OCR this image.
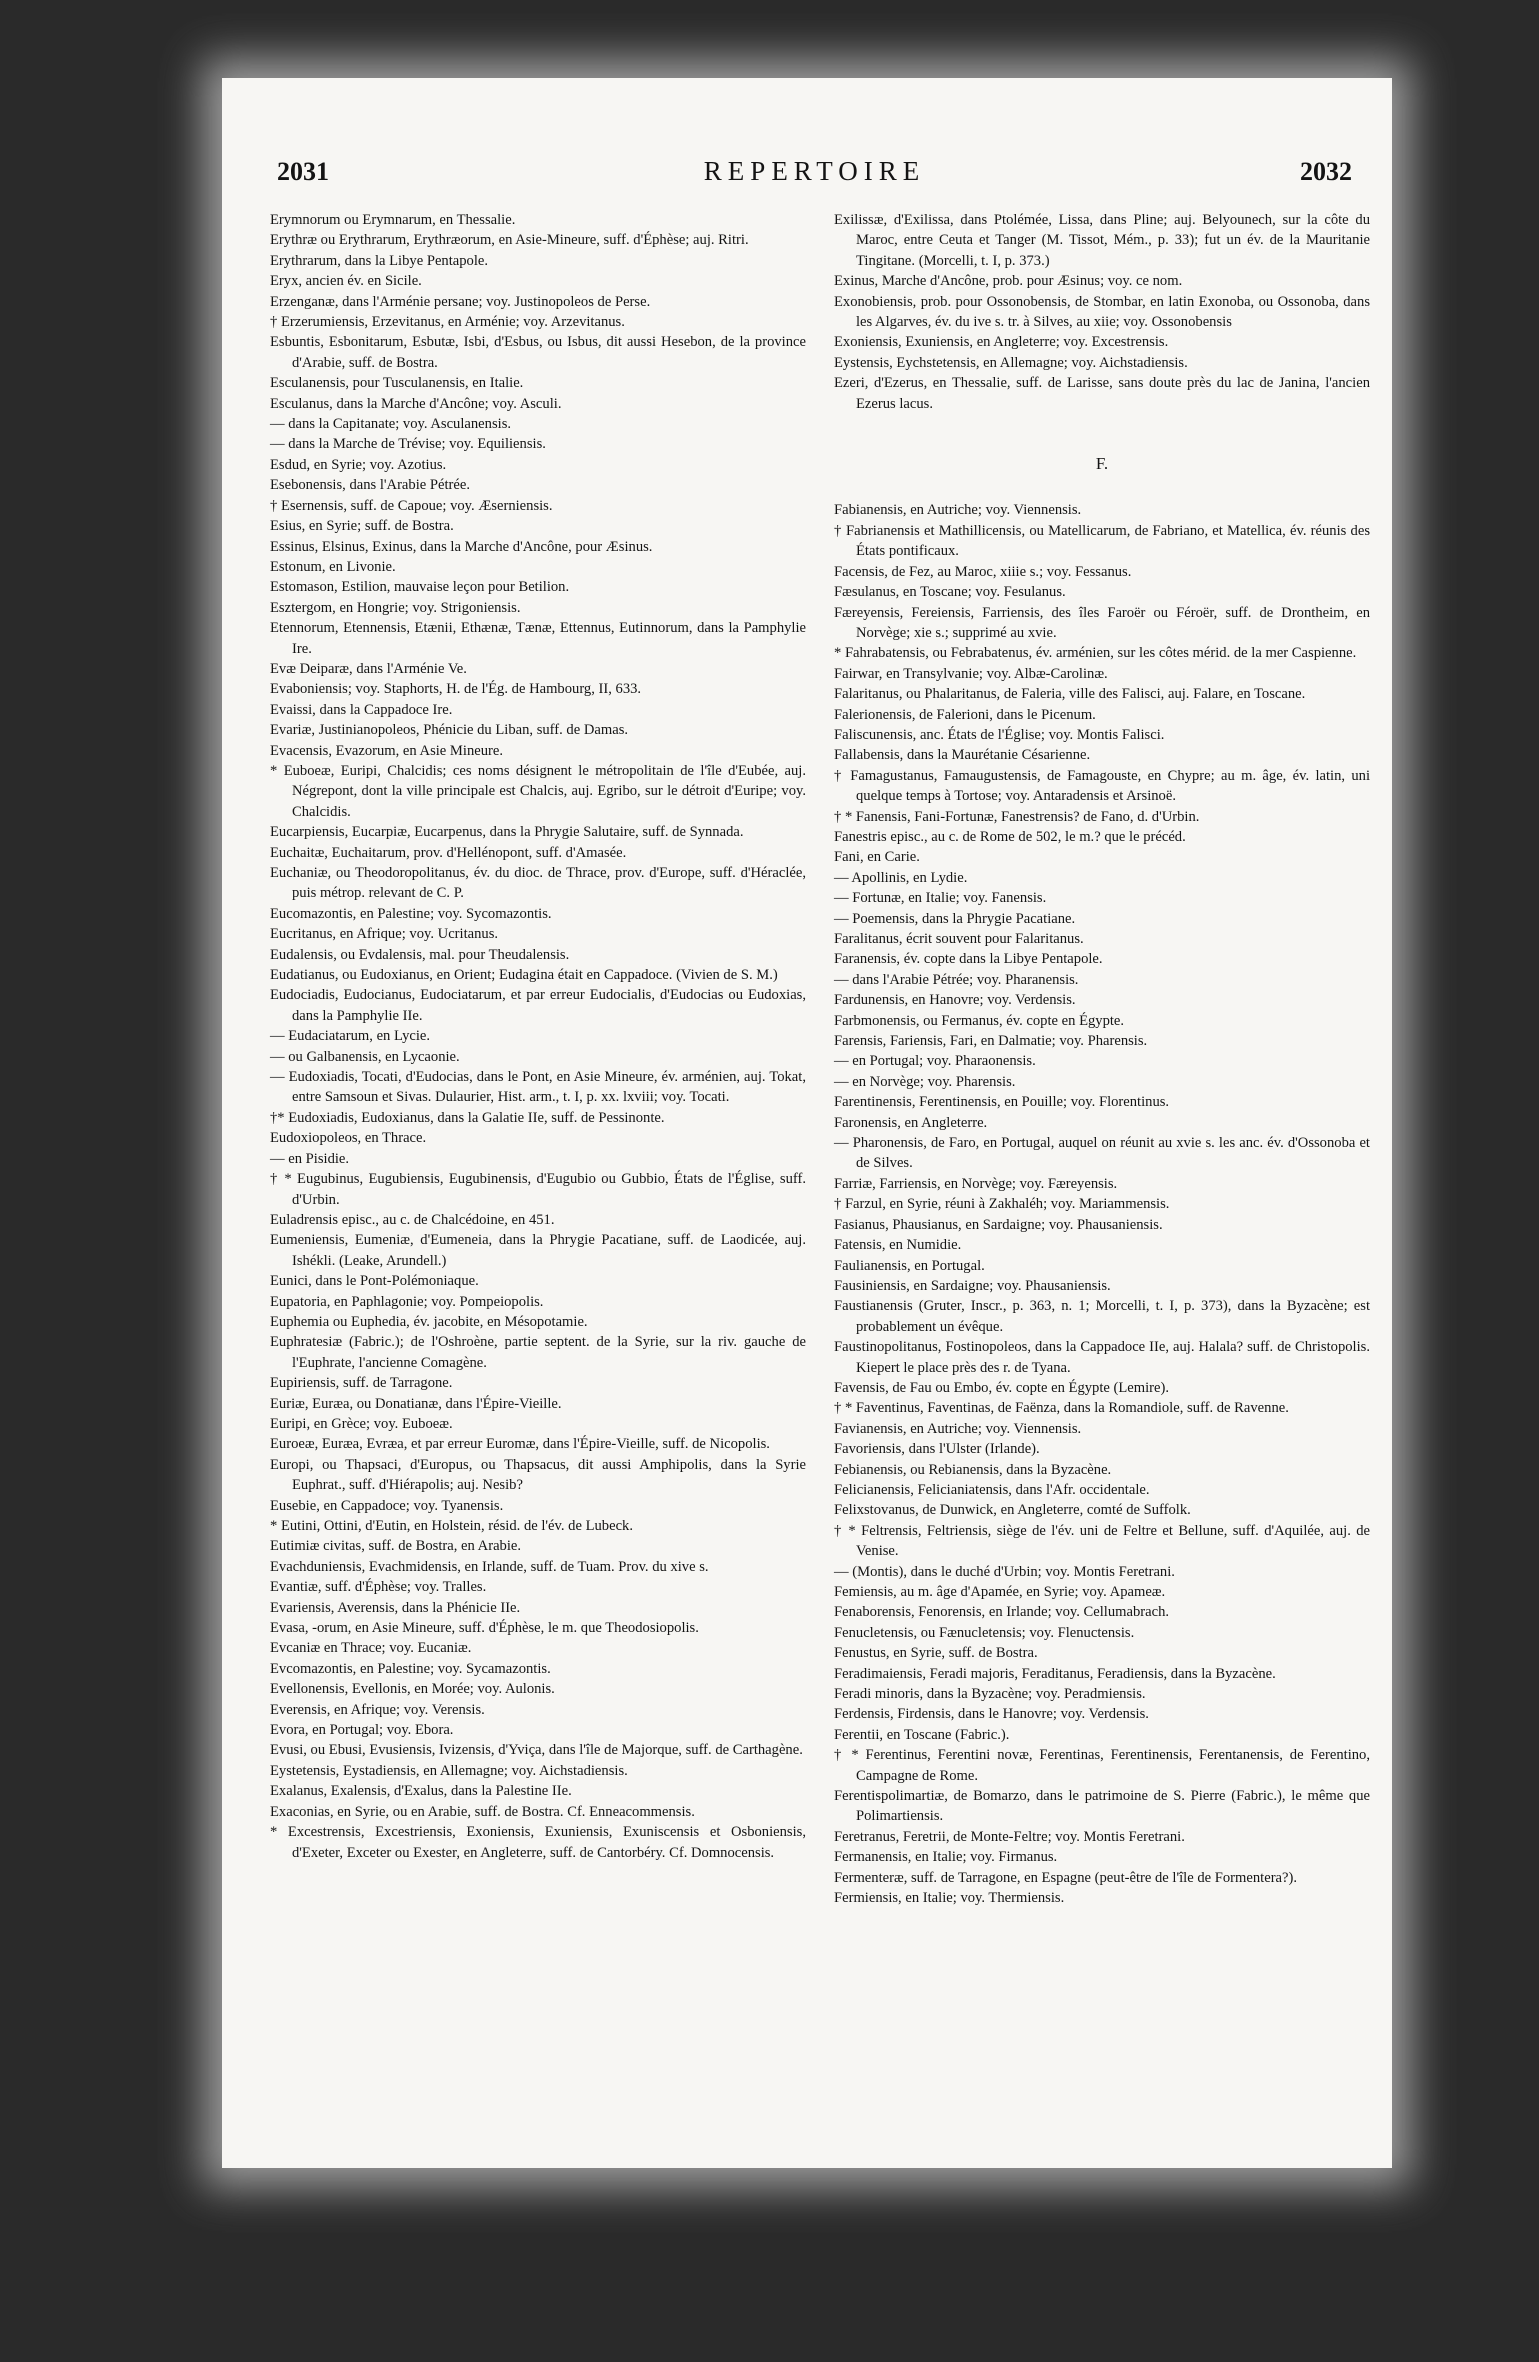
2031	REPERTOIRE	2032

Erymnorum ou Erymnarum, en Thessalie.

Erythræ ou Erythrarum, Erythræorum, en Asie-Mineure, suff. d'Éphèse; auj. Ritri.

Erythrarum, dans la Libye Pentapole.

Eryx, ancien év. en Sicile.

Erzenganæ, dans l'Arménie persane; voy. Justinopoleos de Perse.

† Erzerumiensis, Erzevitanus, en Arménie; voy. Arzevitanus.

Esbuntis, Esbonitarum, Esbutæ, Isbi, d'Esbus, ou Isbus, dit aussi Hesebon, de la province d'Arabie, suff. de Bostra.

Esculanensis, pour Tusculanensis, en Italie.

Esculanus, dans la Marche d'Ancône; voy. Asculi.

— dans la Capitanate; voy. Asculanensis.

— dans la Marche de Trévise; voy. Equiliensis.

Esdud, en Syrie; voy. Azotius.

Esebonensis, dans l'Arabie Pétrée.

† Esernensis, suff. de Capoue; voy. Æserniensis.

Esius, en Syrie; suff. de Bostra.

Essinus, Elsinus, Exinus, dans la Marche d'Ancône, pour Æsinus.

Estonum, en Livonie.

Estomason, Estilion, mauvaise leçon pour Betilion.

Esztergom, en Hongrie; voy. Strigoniensis.

Etennorum, Etennensis, Etænii, Ethænæ, Tænæ, Ettennus, Eutinnorum, dans la Pamphylie Ire.

Evæ Deiparæ, dans l'Arménie Ve.

Evaboniensis; voy. Staphorts, H. de l'Ég. de Hambourg, II, 633.

Evaissi, dans la Cappadoce Ire.

Evariæ, Justinianopoleos, Phénicie du Liban, suff. de Damas.

Evacensis, Evazorum, en Asie Mineure.

* Euboeæ, Euripi, Chalcidis; ces noms désignent le métropolitain de l'île d'Eubée, auj. Négrepont, dont la ville principale est Chalcis, auj. Egribo, sur le détroit d'Euripe; voy. Chalcidis.

Eucarpiensis, Eucarpiæ, Eucarpenus, dans la Phrygie Salutaire, suff. de Synnada.

Euchaitæ, Euchaitarum, prov. d'Hellénopont, suff. d'Amasée.

Euchaniæ, ou Theodoropolitanus, év. du dioc. de Thrace, prov. d'Europe, suff. d'Héraclée, puis métrop. relevant de C. P.

Eucomazontis, en Palestine; voy. Sycomazontis.

Eucritanus, en Afrique; voy. Ucritanus.

Eudalensis, ou Evdalensis, mal. pour Theudalensis.

Eudatianus, ou Eudoxianus, en Orient; Eudagina était en Cappadoce. (Vivien de S. M.)

Eudociadis, Eudocianus, Eudociatarum, et par erreur Eudocialis, d'Eudocias ou Eudoxias, dans la Pamphylie IIe.

— Eudaciatarum, en Lycie.

— ou Galbanensis, en Lycaonie.

— Eudoxiadis, Tocati, d'Eudocias, dans le Pont, en Asie Mineure, év. arménien, auj. Tokat, entre Samsoun et Sivas. Dulaurier, Hist. arm., t. I, p. xx. lxviii; voy. Tocati.

†* Eudoxiadis, Eudoxianus, dans la Galatie IIe, suff. de Pessinonte.

Eudoxiopoleos, en Thrace.

— en Pisidie.

† * Eugubinus, Eugubiensis, Eugubinensis, d'Eugubio ou Gubbio, États de l'Église, suff. d'Urbin.

Euladrensis episc., au c. de Chalcédoine, en 451.

Eumeniensis, Eumeniæ, d'Eumeneia, dans la Phrygie Pacatiane, suff. de Laodicée, auj. Ishékli. (Leake, Arundell.)

Eunici, dans le Pont-Polémoniaque.

Eupatoria, en Paphlagonie; voy. Pompeiopolis.

Euphemia ou Euphedia, év. jacobite, en Mésopotamie.

Euphratesiæ (Fabric.); de l'Oshroène, partie septent. de la Syrie, sur la riv. gauche de l'Euphrate, l'ancienne Comagène.

Eupiriensis, suff. de Tarragone.

Euriæ, Euræa, ou Donatianæ, dans l'Épire-Vieille.

Euripi, en Grèce; voy. Euboeæ.

Euroeæ, Euræa, Evræa, et par erreur Euromæ, dans l'Épire-Vieille, suff. de Nicopolis.

Europi, ou Thapsaci, d'Europus, ou Thapsacus, dit aussi Amphipolis, dans la Syrie Euphrat., suff. d'Hiérapolis; auj. Nesib?

Eusebie, en Cappadoce; voy. Tyanensis.

* Eutini, Ottini, d'Eutin, en Holstein, résid. de l'év. de Lubeck.

Eutimiæ civitas, suff. de Bostra, en Arabie.

Evachduniensis, Evachmidensis, en Irlande, suff. de Tuam. Prov. du xive s.

Evantiæ, suff. d'Éphèse; voy. Tralles.

Evariensis, Averensis, dans la Phénicie IIe.

Evasa, -orum, en Asie Mineure, suff. d'Éphèse, le m. que Theodosiopolis.

Evcaniæ en Thrace; voy. Eucaniæ.

Evcomazontis, en Palestine; voy. Sycamazontis.

Evellonensis, Evellonis, en Morée; voy. Aulonis.

Everensis, en Afrique; voy. Verensis.

Evora, en Portugal; voy. Ebora.

Evusi, ou Ebusi, Evusiensis, Ivizensis, d'Yviça, dans l'île de Majorque, suff. de Carthagène.

Eystetensis, Eystadiensis, en Allemagne; voy. Aichstadiensis.

Exalanus, Exalensis, d'Exalus, dans la Palestine IIe.

Exaconias, en Syrie, ou en Arabie, suff. de Bostra. Cf. Enneacommensis.

* Excestrensis, Excestriensis, Exoniensis, Exuniensis, Exuniscensis et Osboniensis, d'Exeter, Exceter ou Exester, en Angleterre, suff. de Cantorbéry. Cf. Domnocensis.

Exilissæ, d'Exilissa, dans Ptolémée, Lissa, dans Pline; auj. Belyounech, sur la côte du Maroc, entre Ceuta et Tanger (M. Tissot, Mém., p. 33); fut un év. de la Mauritanie Tingitane. (Morcelli, t. I, p. 373.)

Exinus, Marche d'Ancône, prob. pour Æsinus; voy. ce nom.

Exonobiensis, prob. pour Ossonobensis, de Stombar, en latin Exonoba, ou Ossonoba, dans les Algarves, év. du ive s. tr. à Silves, au xiie; voy. Ossonobensis

Exoniensis, Exuniensis, en Angleterre; voy. Excestrensis.

Eystensis, Eychstetensis, en Allemagne; voy. Aichstadiensis.

Ezeri, d'Ezerus, en Thessalie, suff. de Larisse, sans doute près du lac de Janina, l'ancien Ezerus lacus.

F.

Fabianensis, en Autriche; voy. Viennensis.

† Fabrianensis et Mathillicensis, ou Matellicarum, de Fabriano, et Matellica, év. réunis des États pontificaux.

Facensis, de Fez, au Maroc, xiiie s.; voy. Fessanus.

Fæsulanus, en Toscane; voy. Fesulanus.

Færeyensis, Fereiensis, Farriensis, des îles Faroër ou Féroër, suff. de Drontheim, en Norvège; xie s.; supprimé au xvie.

* Fahrabatensis, ou Febrabatenus, év. arménien, sur les côtes mérid. de la mer Caspienne.

Fairwar, en Transylvanie; voy. Albæ-Carolinæ.

Falaritanus, ou Phalaritanus, de Faleria, ville des Falisci, auj. Falare, en Toscane.

Falerionensis, de Falerioni, dans le Picenum.

Faliscunensis, anc. États de l'Église; voy. Montis Falisci.

Fallabensis, dans la Maurétanie Césarienne.

† Famagustanus, Famaugustensis, de Famagouste, en Chypre; au m. âge, év. latin, uni quelque temps à Tortose; voy. Antaradensis et Arsinoë.

† * Fanensis, Fani-Fortunæ, Fanestrensis? de Fano, d. d'Urbin.

Fanestris episc., au c. de Rome de 502, le m.? que le précéd.

Fani, en Carie.

— Apollinis, en Lydie.

— Fortunæ, en Italie; voy. Fanensis.

— Poemensis, dans la Phrygie Pacatiane.

Faralitanus, écrit souvent pour Falaritanus.

Faranensis, év. copte dans la Libye Pentapole.

— dans l'Arabie Pétrée; voy. Pharanensis.

Fardunensis, en Hanovre; voy. Verdensis.

Farbmonensis, ou Fermanus, év. copte en Égypte.

Farensis, Fariensis, Fari, en Dalmatie; voy. Pharensis.

— en Portugal; voy. Pharaonensis.

— en Norvège; voy. Pharensis.

Farentinensis, Ferentinensis, en Pouille; voy. Florentinus.

Faronensis, en Angleterre.

— Pharonensis, de Faro, en Portugal, auquel on réunit au xvie s. les anc. év. d'Ossonoba et de Silves.

Farriæ, Farriensis, en Norvège; voy. Færeyensis.

† Farzul, en Syrie, réuni à Zakhaléh; voy. Mariammensis.

Fasianus, Phausianus, en Sardaigne; voy. Phausaniensis.

Fatensis, en Numidie.

Faulianensis, en Portugal.

Fausiniensis, en Sardaigne; voy. Phausaniensis.

Faustianensis (Gruter, Inscr., p. 363, n. 1; Morcelli, t. I, p. 373), dans la Byzacène; est probablement un évêque.

Faustinopolitanus, Fostinopoleos, dans la Cappadoce IIe, auj. Halala? suff. de Christopolis. Kiepert le place près des r. de Tyana.

Favensis, de Fau ou Embo, év. copte en Égypte (Lemire).

† * Faventinus, Faventinas, de Faënza, dans la Romandiole, suff. de Ravenne.

Favianensis, en Autriche; voy. Viennensis.

Favoriensis, dans l'Ulster (Irlande).

Febianensis, ou Rebianensis, dans la Byzacène.

Felicianensis, Felicianiatensis, dans l'Afr. occidentale.

Felixstovanus, de Dunwick, en Angleterre, comté de Suffolk.

† * Feltrensis, Feltriensis, siège de l'év. uni de Feltre et Bellune, suff. d'Aquilée, auj. de Venise.

— (Montis), dans le duché d'Urbin; voy. Montis Feretrani.

Femiensis, au m. âge d'Apamée, en Syrie; voy. Apameæ.

Fenaborensis, Fenorensis, en Irlande; voy. Cellumabrach.

Fenucletensis, ou Fænucletensis; voy. Flenuctensis.

Fenustus, en Syrie, suff. de Bostra.

Feradimaiensis, Feradi majoris, Feraditanus, Feradiensis, dans la Byzacène.

Feradi minoris, dans la Byzacène; voy. Peradmiensis.

Ferdensis, Firdensis, dans le Hanovre; voy. Verdensis.

Ferentii, en Toscane (Fabric.).

† * Ferentinus, Ferentini novæ, Ferentinas, Ferentinensis, Ferentanensis, de Ferentino, Campagne de Rome.

Ferentispolimartiæ, de Bomarzo, dans le patrimoine de S. Pierre (Fabric.), le même que Polimartiensis.

Feretranus, Feretrii, de Monte-Feltre; voy. Montis Feretrani.

Fermanensis, en Italie; voy. Firmanus.

Fermenteræ, suff. de Tarragone, en Espagne (peut-être de l'île de Formentera?).

Fermiensis, en Italie; voy. Thermiensis.
